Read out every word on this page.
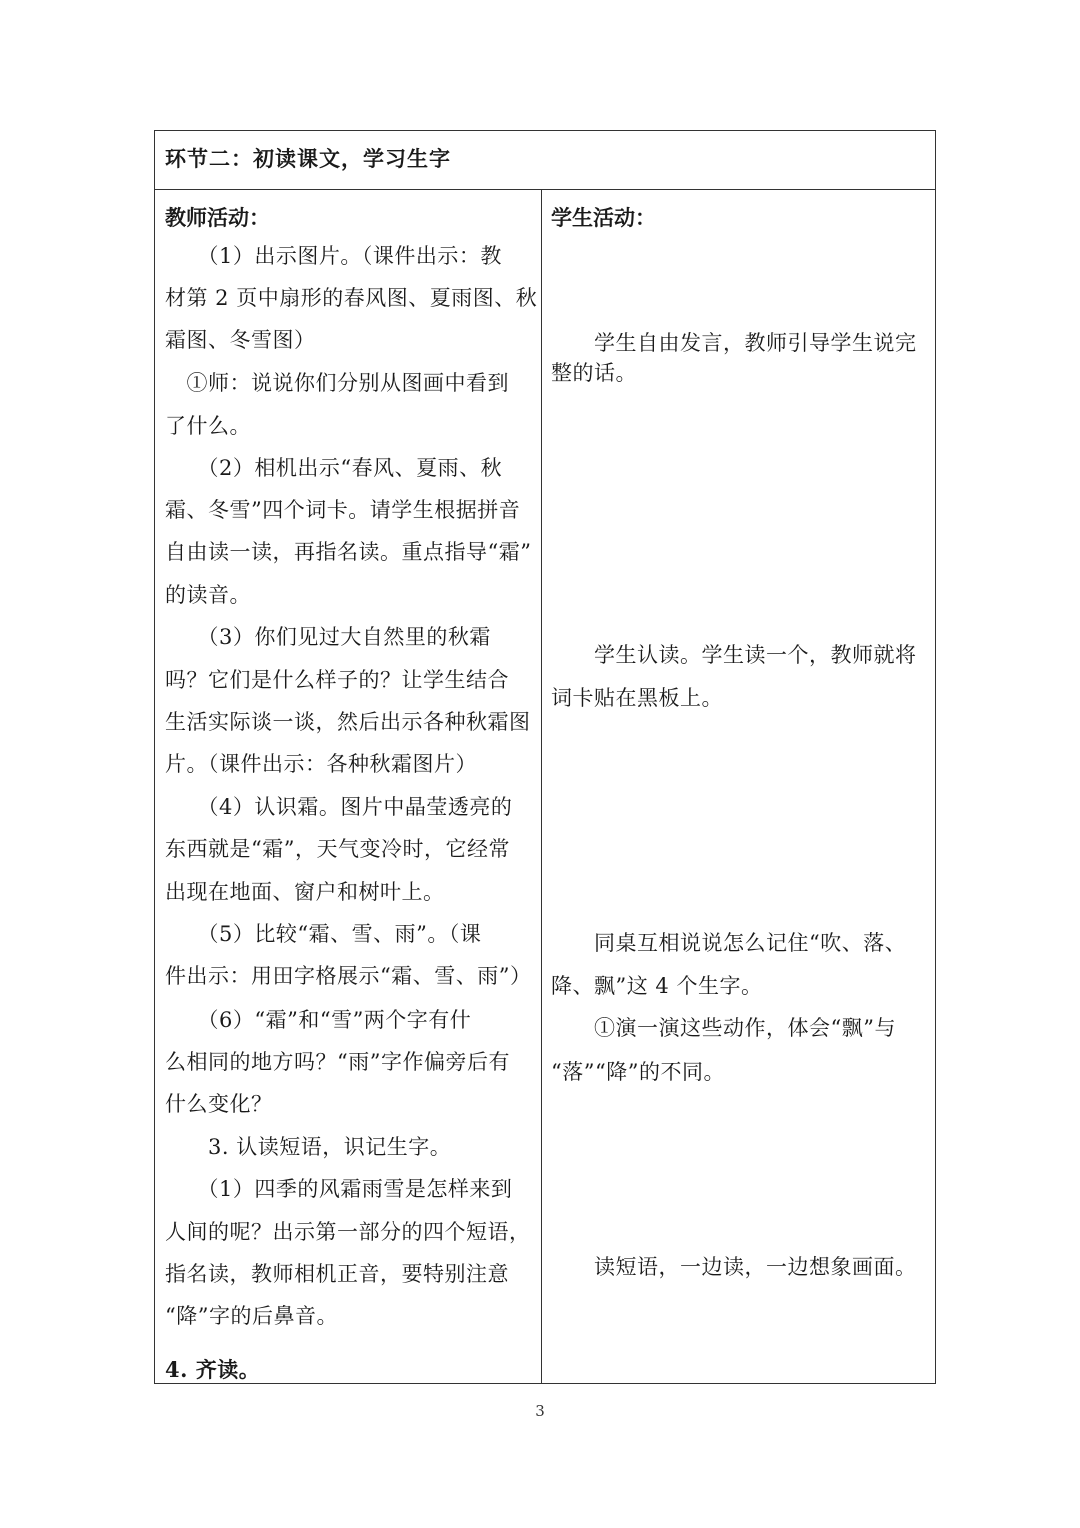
环节二：初读课文，学习生字
教师活动：
　　（1）出示图片。（课件出示：教
材第 2 页中扇形的春风图、夏雨图、秋
霜图、冬雪图）
　①师：说说你们分别从图画中看到
了什么。
　　（2）相机出示“春风、夏雨、秋
霜、冬雪”四个词卡。请学生根据拼音
自由读一读，再指名读。重点指导“霜”
的读音。
　　（3）你们见过大自然里的秋霜
吗？它们是什么样子的？让学生结合
生活实际谈一谈，然后出示各种秋霜图
片。（课件出示：各种秋霜图片）
　　（4）认识霜。图片中晶莹透亮的
东西就是“霜”，天气变冷时，它经常
出现在地面、窗户和树叶上。
　　（5）比较“霜、雪、雨”。（课
件出示：用田字格展示“霜、雪、雨”）
　　（6）“霜”和“雪”两个字有什
么相同的地方吗？“雨”字作偏旁后有
什么变化？
　　3. 认读短语，识记生字。
　　（1）四季的风霜雨雪是怎样来到
人间的呢？出示第一部分的四个短语，
指名读，教师相机正音，要特别注意
“降”字的后鼻音。
4. 齐读。
学生活动：
　　学生自由发言，教师引导学生说完
整的话。
　　学生认读。学生读一个，教师就将
词卡贴在黑板上。
　　同桌互相说说怎么记住“吹、落、
降、飘”这 4 个生字。
　　①演一演这些动作，体会“飘”与
“落”“降”的不同。
　　读短语，一边读，一边想象画面。
3
